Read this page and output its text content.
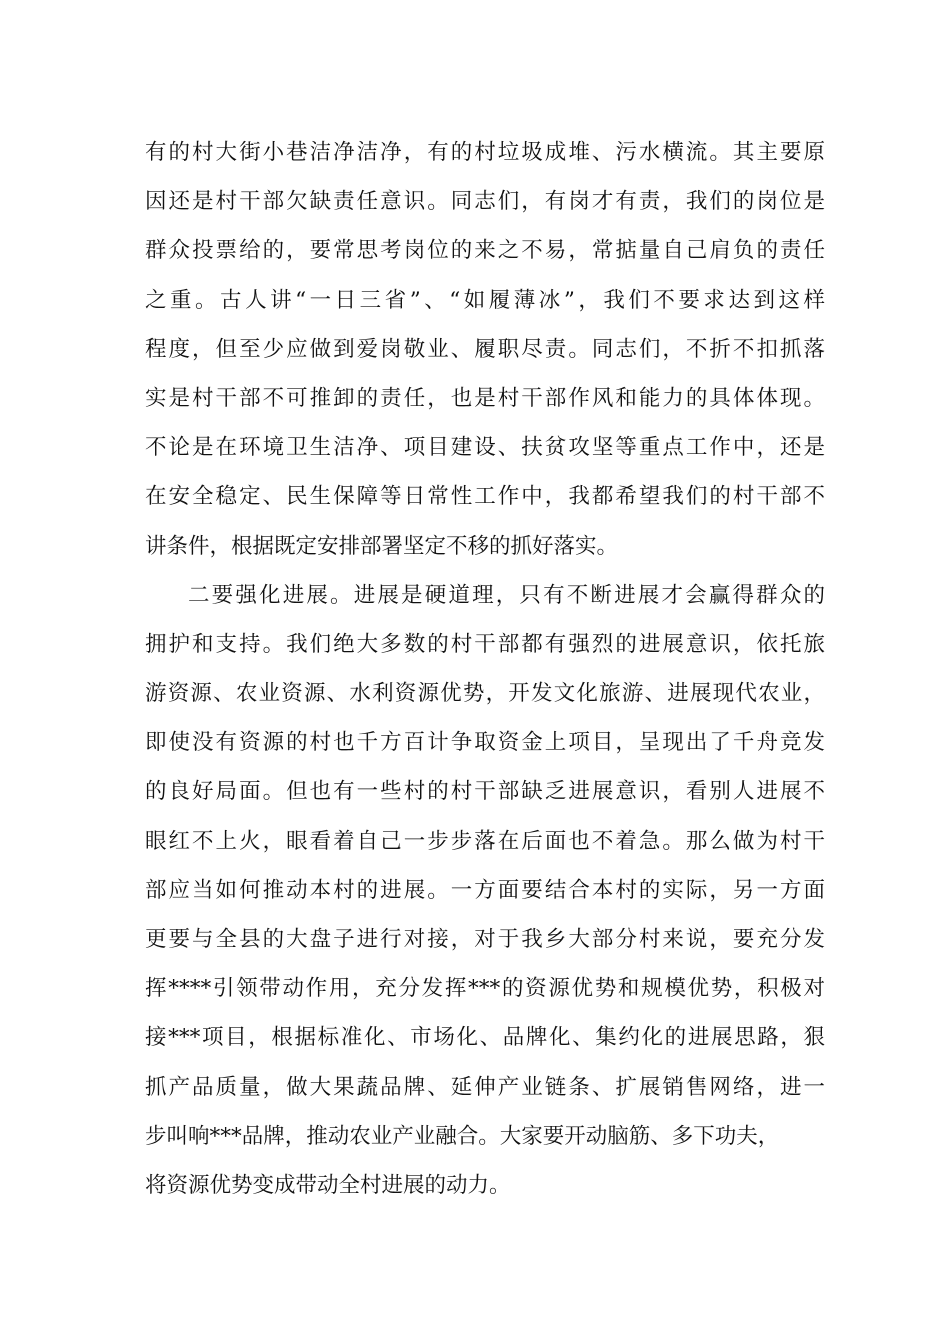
有的村大街小巷洁净洁净，有的村垃圾成堆、污水横流。其主要原
因还是村干部欠缺责任意识。同志们，有岗才有责，我们的岗位是
群众投票给的，要常思考岗位的来之不易，常掂量自己肩负的责任
之重。古人讲“一日三省”、“如履薄冰”，我们不要求达到这样
程度，但至少应做到爱岗敬业、履职尽责。同志们，不折不扣抓落
实是村干部不可推卸的责任，也是村干部作风和能力的具体体现。
不论是在环境卫生洁净、项目建设、扶贫攻坚等重点工作中，还是
在安全稳定、民生保障等日常性工作中，我都希望我们的村干部不
讲条件，根据既定安排部署坚定不移的抓好落实。
二要强化进展。进展是硬道理，只有不断进展才会赢得群众的
拥护和支持。我们绝大多数的村干部都有强烈的进展意识，依托旅
游资源、农业资源、水利资源优势，开发文化旅游、进展现代农业，
即使没有资源的村也千方百计争取资金上项目，呈现出了千舟竞发
的良好局面。但也有一些村的村干部缺乏进展意识，看别人进展不
眼红不上火，眼看着自己一步步落在后面也不着急。那么做为村干
部应当如何推动本村的进展。一方面要结合本村的实际，另一方面
更要与全县的大盘子进行对接，对于我乡大部分村来说，要充分发
挥****引领带动作用，充分发挥***的资源优势和规模优势，积极对
接***项目，根据标准化、市场化、品牌化、集约化的进展思路，狠
抓产品质量，做大果蔬品牌、延伸产业链条、扩展销售网络，进一
步叫响***品牌，推动农业产业融合。大家要开动脑筋、多下功夫，
将资源优势变成带动全村进展的动力。
